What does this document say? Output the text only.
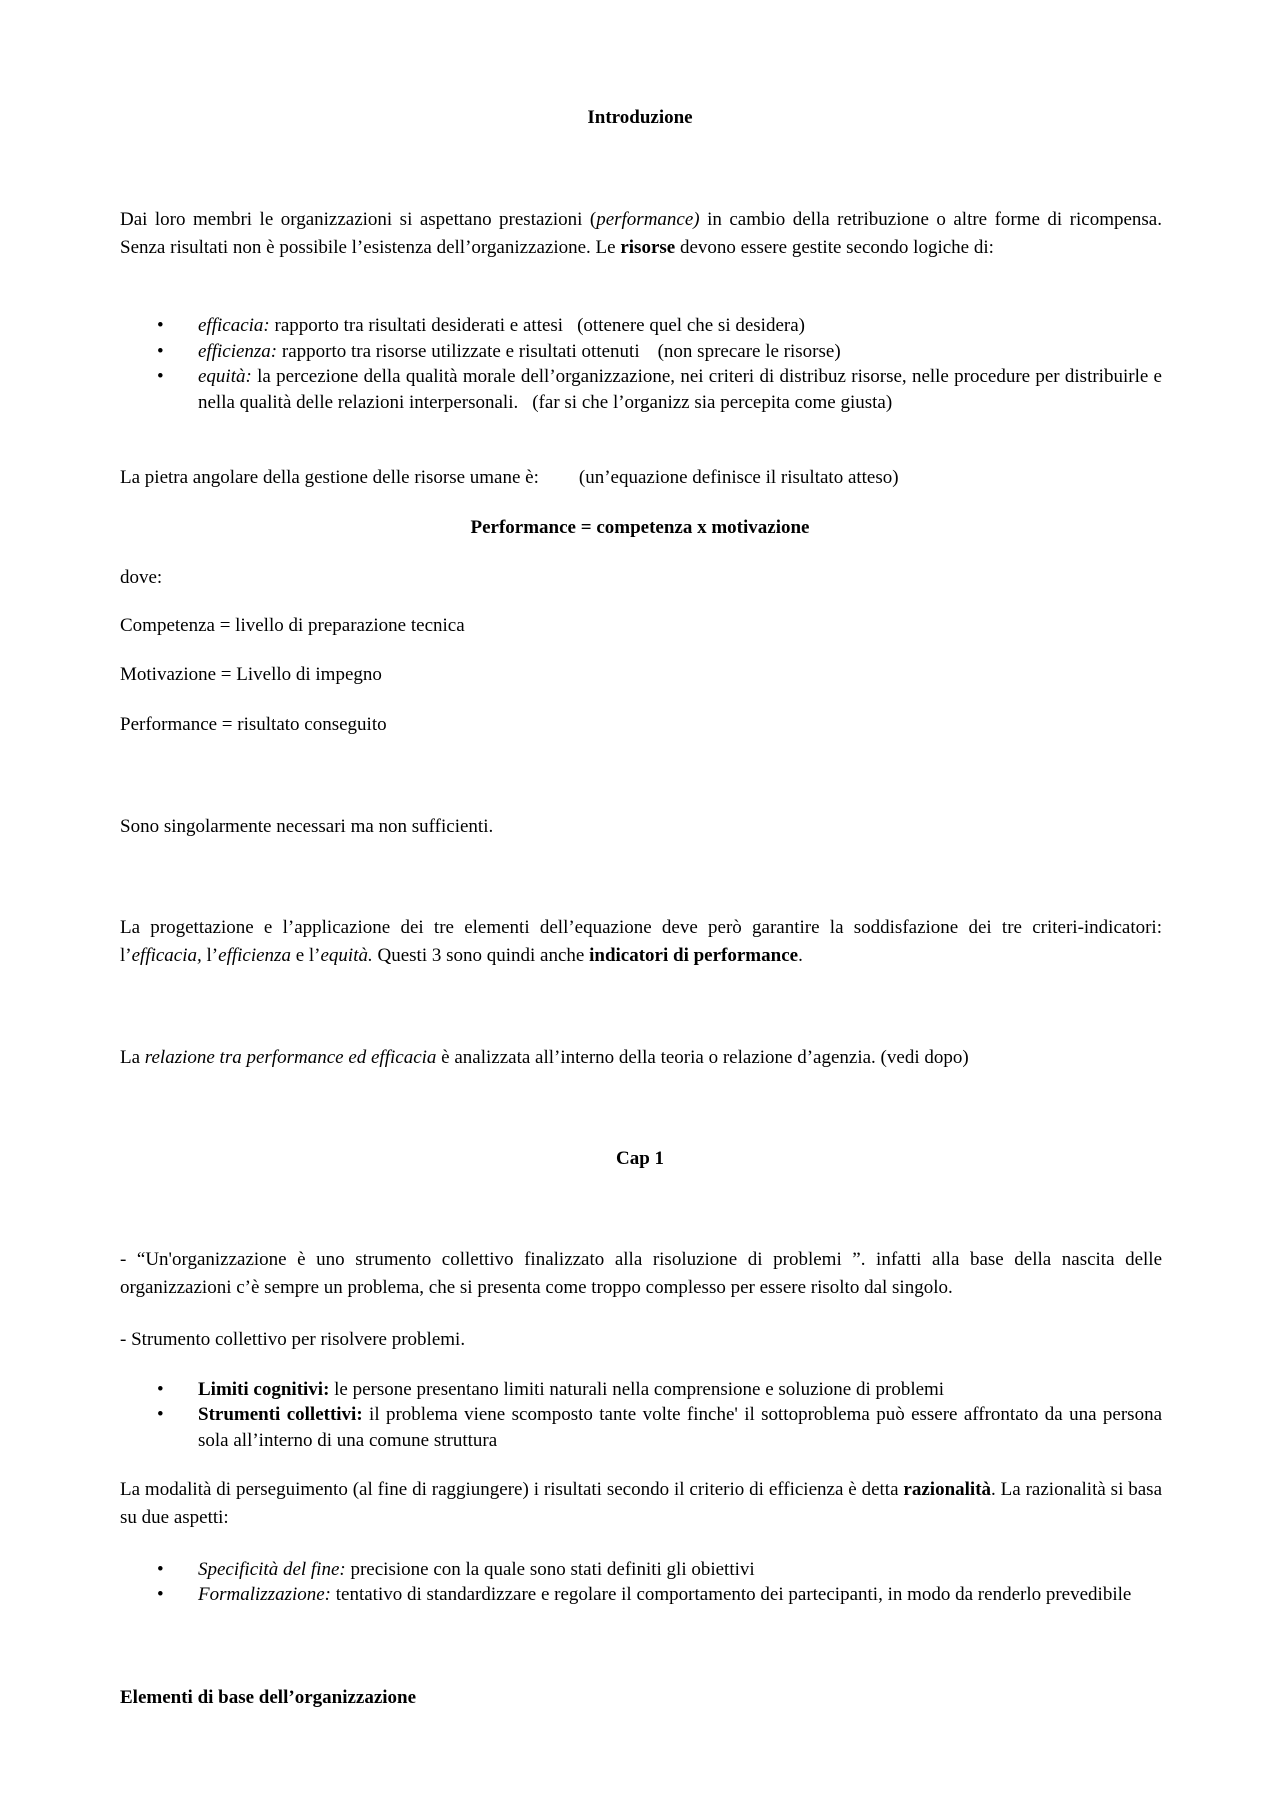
Introduzione

Dai loro membri le organizzazioni si aspettano prestazioni (performance) in cambio della retribuzione o altre forme di ricompensa. Senza risultati non è possibile l’esistenza dell’organizzazione. Le risorse devono essere gestite secondo logiche di:

• efficacia: rapporto tra risultati desiderati e attesi (ottenere quel che si desidera)
• efficienza: rapporto tra risorse utilizzate e risultati ottenuti (non sprecare le risorse)
• equità: la percezione della qualità morale dell’organizzazione, nei criteri di distribuz risorse, nelle procedure per distribuirle e nella qualità delle relazioni interpersonali. (far si che l’organizz sia percepita come giusta)

La pietra angolare della gestione delle risorse umane è: (un’equazione definisce il risultato atteso)

Performance = competenza x motivazione

dove:

Competenza = livello di preparazione tecnica

Motivazione = Livello di impegno

Performance = risultato conseguito

Sono singolarmente necessari ma non sufficienti.

La progettazione e l’applicazione dei tre elementi dell’equazione deve però garantire la soddisfazione dei tre criteri-indicatori: l’efficacia, l’efficienza e l’equità. Questi 3 sono quindi anche indicatori di performance.

La relazione tra performance ed efficacia è analizzata all’interno della teoria o relazione d’agenzia. (vedi dopo)

Cap 1

- “Un'organizzazione è uno strumento collettivo finalizzato alla risoluzione di problemi ”. infatti alla base della nascita delle organizzazioni c’è sempre un problema, che si presenta come troppo complesso per essere risolto dal singolo.

- Strumento collettivo per risolvere problemi.

• Limiti cognitivi: le persone presentano limiti naturali nella comprensione e soluzione di problemi
• Strumenti collettivi: il problema viene scomposto tante volte finche' il sottoproblema può essere affrontato da una persona sola all’interno di una comune struttura

La modalità di perseguimento (al fine di raggiungere) i risultati secondo il criterio di efficienza è detta razionalità. La razionalità si basa su due aspetti:

• Specificità del fine: precisione con la quale sono stati definiti gli obiettivi
• Formalizzazione: tentativo di standardizzare e regolare il comportamento dei partecipanti, in modo da renderlo prevedibile
Elementi di base dell’organizzazione
